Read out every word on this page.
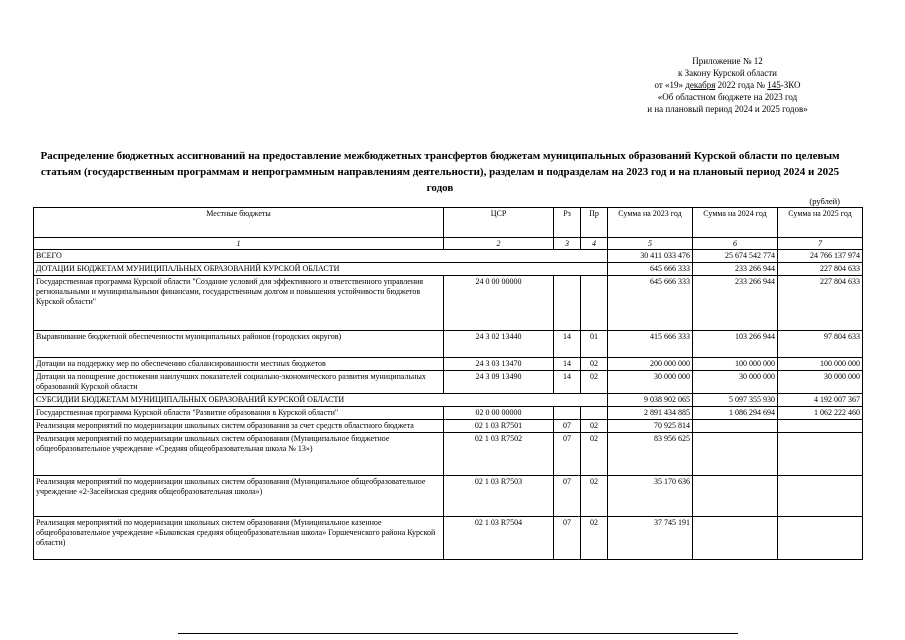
Приложение № 12
к Закону Курской области
от «19» декабря 2022 года № 145-ЗКО
«Об областном бюджете на 2023 год
и на плановый период 2024 и 2025 годов»
Распределение бюджетных ассигнований на предоставление межбюджетных трансфертов бюджетам муниципальных образований Курской области по целевым статьям (государственным программам и непрограммным направлениям деятельности), разделам и подразделам на 2023 год и на плановый период 2024 и 2025 годов
(рублей)
Местные бюджеты	ЦСР	Рз	Пр	Сумма на 2023 год	Сумма на 2024 год	Сумма на 2025 год
1	2	3	4	5	6	7
ВСЕГО				30 411 033 476	25 674 542 774	24 766 137 974
ДОТАЦИИ БЮДЖЕТАМ МУНИЦИПАЛЬНЫХ ОБРАЗОВАНИЙ КУРСКОЙ ОБЛАСТИ				645 666 333	233 266 944	227 804 633
Государственная программа Курской области "Создание условий для эффективного и ответственного управления региональными и муниципальными финансами, государственным долгом и повышения устойчивости бюджетов Курской области"	24 0 00 00000			645 666 333	233 266 944	227 804 633
Выравнивание бюджетной обеспеченности муниципальных районов (городских округов)	24 3 02 13440	14	01	415 666 333	103 266 944	97 804 633
Дотации на поддержку мер по обеспечению сбалансированности местных бюджетов	24 3 03 13470	14	02	200 000 000	100 000 000	100 000 000
Дотации на поощрение достижения наилучших показателей социально-экономического развития муниципальных образований Курской области	24 3 09 13490	14	02	30 000 000	30 000 000	30 000 000
СУБСИДИИ БЮДЖЕТАМ МУНИЦИПАЛЬНЫХ ОБРАЗОВАНИЙ КУРСКОЙ ОБЛАСТИ				9 038 902 065	5 097 355 930	4 192 007 367
Государственная программа Курской области "Развитие образования в Курской области"	02 0 00 00000			2 891 434 885	1 086 294 694	1 062 222 460
Реализация мероприятий по модернизации школьных систем образования за счет средств областного бюджета	02 1 03 R7501	07	02	70 925 814		
Реализация мероприятий по модернизации школьных систем образования (Муниципальное бюджетное общеобразовательное учреждение «Средняя общеобразовательная школа № 13»)	02 1 03 R7502	07	02	83 956 625		
Реализация мероприятий по модернизации школьных систем образования (Муниципальное общеобразовательное учреждение «2-Засеймская средняя общеобразовательная школа»)	02 1 03 R7503	07	02	35 170 636		
Реализация мероприятий по модернизации школьных систем образования (Муниципальное казенное общеобразовательное учреждение «Быковская средняя общеобразовательная школа» Горшеченского района Курской области)	02 1 03 R7504	07	02	37 745 191		
